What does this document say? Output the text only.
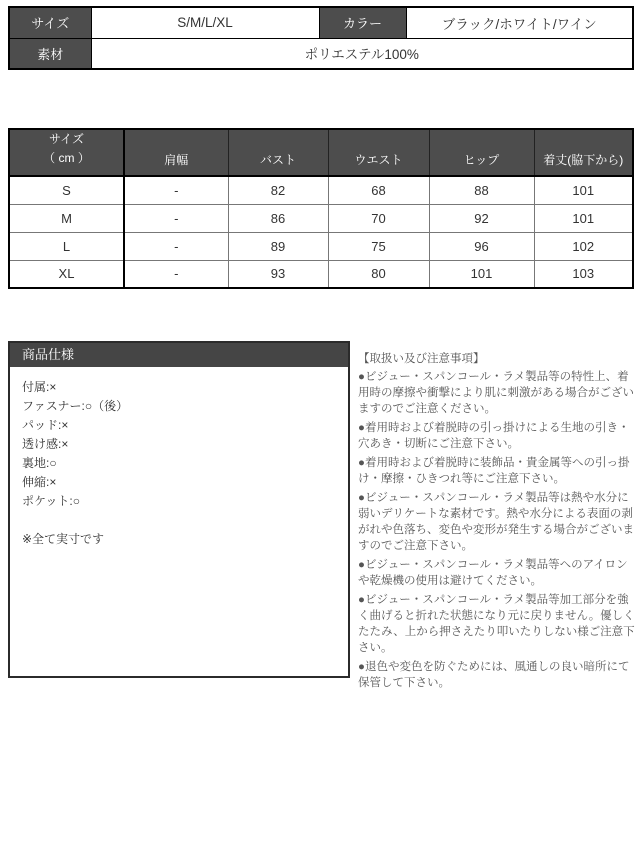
サイズ	S/M/L/XL	カラー	ブラック/ホワイト/ワイン
素材	ポリエステル100%		
サイズ
（ cm ）	肩幅	バスト	ウエスト	ヒップ	着丈(脇下から)
S	-	82	68	88	101
M	-	86	70	92	101
L	-	89	75	96	102
XL	-	93	80	101	103
商品仕様
付属:×
ファスナー:○（後）
パッド:×
透け感:×
裏地:○
伸縮:×
ポケット:○
※全て実寸です
【取扱い及び注意事項】
●ビジュー・スパンコール・ラメ製品等の特性上、着用時の摩擦や衝撃により肌に刺激がある場合がございますのでご注意ください。
●着用時および着脱時の引っ掛けによる生地の引き・穴あき・切断にご注意下さい。
●着用時および着脱時に装飾品・貴金属等への引っ掛け・摩擦・ひきつれ等にご注意下さい。
●ビジュー・スパンコール・ラメ製品等は熱や水分に弱いデリケートな素材です。熱や水分による表面の剥がれや色落ち、変色や変形が発生する場合がございますのでご注意下さい。
●ビジュー・スパンコール・ラメ製品等へのアイロンや乾燥機の使用は避けてください。
●ビジュー・スパンコール・ラメ製品等加工部分を強く曲げると折れた状態になり元に戻りません。優しくたたみ、上から押さえたり叩いたりしない様ご注意下さい。
●退色や変色を防ぐためには、風通しの良い暗所にて保管して下さい。
